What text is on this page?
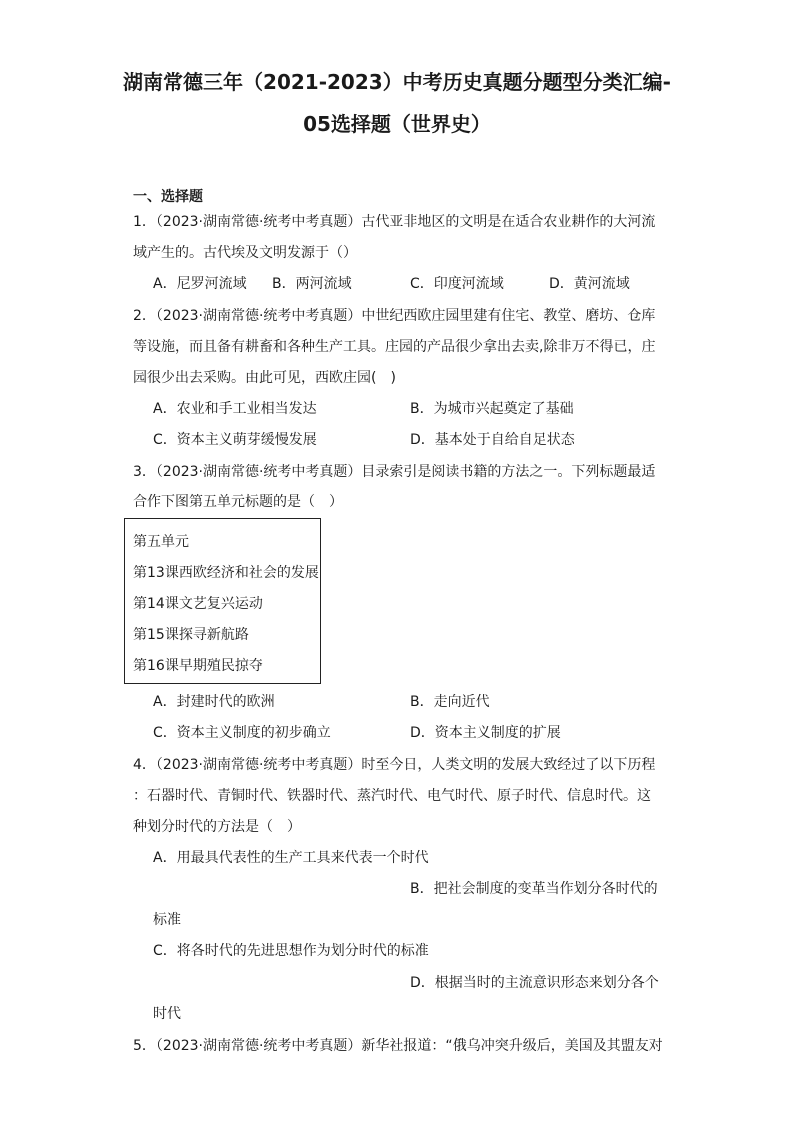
湖南常德三年（2021-2023）中考历史真题分题型分类汇编-
05选择题（世界史）
一、选择题
1．（2023·湖南常德·统考中考真题）古代亚非地区的文明是在适合农业耕作的大河流
域产生的。古代埃及文明发源于（）
A．尼罗河流域 B．两河流域	C．印度河流域	D．黄河流域
2．（2023·湖南常德·统考中考真题）中世纪西欧庄园里建有住宅、教堂、磨坊、仓库
等设施，而且备有耕畜和各种生产工具。庄园的产品很少拿出去卖,除非万不得已，庄
园很少出去采购。由此可见，西欧庄园(　)
A．农业和手工业相当发达	B．为城市兴起奠定了基础
C．资本主义萌芽缓慢发展	D．基本处于自给自足状态
3．（2023·湖南常德·统考中考真题）目录索引是阅读书籍的方法之一。下列标题最适
合作下图第五单元标题的是（　）
第五单元
第13课西欧经济和社会的发展
第14课文艺复兴运动
第15课探寻新航路
第16课早期殖民掠夺
A．封建时代的欧洲	B．走向近代
C．资本主义制度的初步确立	D．资本主义制度的扩展
4．（2023·湖南常德·统考中考真题）时至今日，人类文明的发展大致经过了以下历程
：石器时代、青铜时代、铁器时代、蒸汽时代、电气时代、原子时代、信息时代。这
种划分时代的方法是（　）
A．用最具代表性的生产工具来代表一个时代
B．把社会制度的变革当作划分各时代的
标准
C．将各时代的先进思想作为划分时代的标准
D．根据当时的主流意识形态来划分各个
时代
5．（2023·湖南常德·统考中考真题）新华社报道：“俄乌冲突升级后，美国及其盟友对
